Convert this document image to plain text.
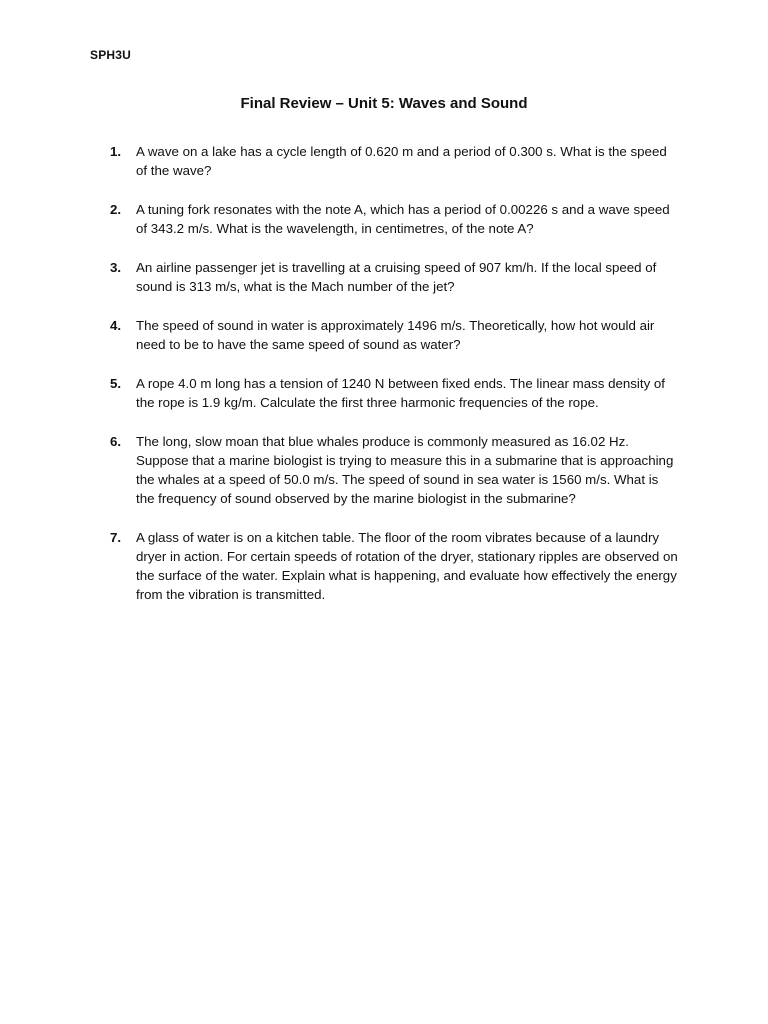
SPH3U
Final Review – Unit 5: Waves and Sound
1.	A wave on a lake has a cycle length of 0.620 m and a period of 0.300 s. What is the speed of the wave?
2.	A tuning fork resonates with the note A, which has a period of 0.00226 s and a wave speed of 343.2 m/s. What is the wavelength, in centimetres, of the note A?
3.	An airline passenger jet is travelling at a cruising speed of 907 km/h. If the local speed of sound is 313 m/s, what is the Mach number of the jet?
4.	The speed of sound in water is approximately 1496 m/s. Theoretically, how hot would air need to be to have the same speed of sound as water?
5.	A rope 4.0 m long has a tension of 1240 N between fixed ends. The linear mass density of the rope is 1.9 kg/m. Calculate the first three harmonic frequencies of the rope.
6.	The long, slow moan that blue whales produce is commonly measured as 16.02 Hz. Suppose that a marine biologist is trying to measure this in a submarine that is approaching the whales at a speed of 50.0 m/s. The speed of sound in sea water is 1560 m/s. What is the frequency of sound observed by the marine biologist in the submarine?
7.	A glass of water is on a kitchen table. The floor of the room vibrates because of a laundry dryer in action. For certain speeds of rotation of the dryer, stationary ripples are observed on the surface of the water. Explain what is happening, and evaluate how effectively the energy from the vibration is transmitted.
